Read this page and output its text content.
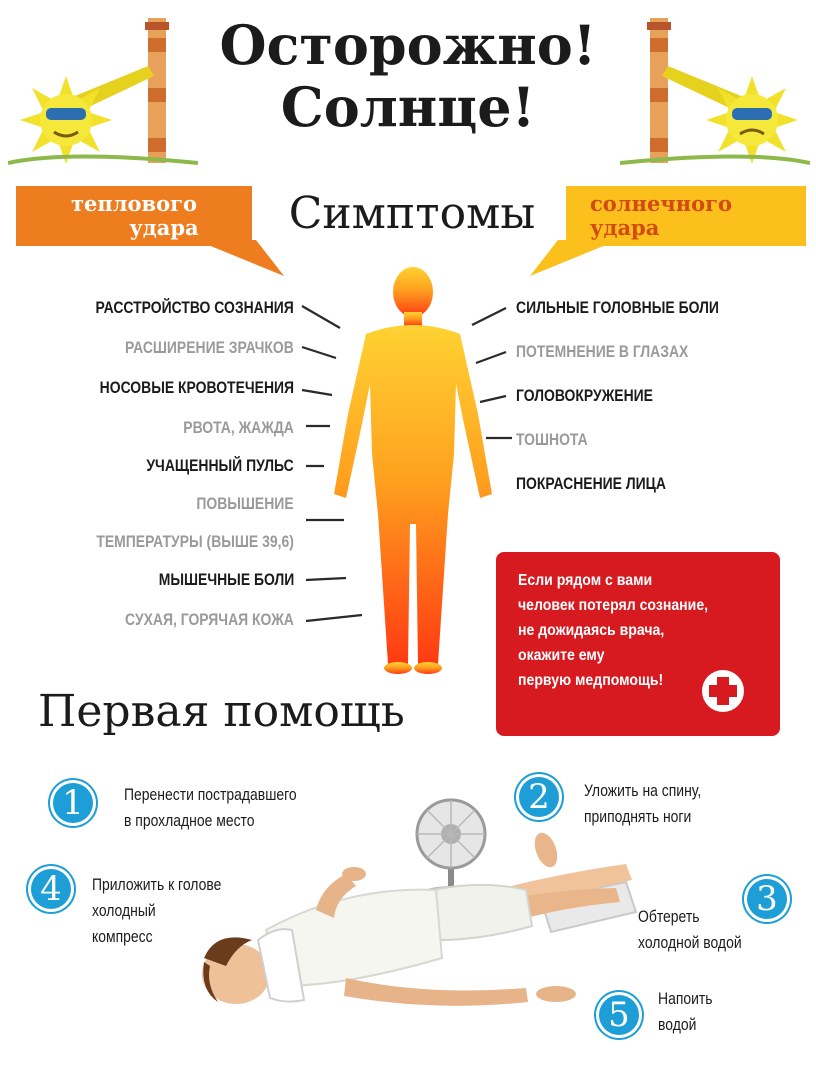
Осторожно!
Солнце!
теплового
удара
солнечного
удара
Симптомы
РАССТРОЙСТВО СОЗНАНИЯ
РАСШИРЕНИЕ ЗРАЧКОВ
НОСОВЫЕ КРОВОТЕЧЕНИЯ
РВОТА, ЖАЖДА
УЧАЩЕННЫЙ ПУЛЬС
ПОВЫШЕНИЕ
ТЕМПЕРАТУРЫ (ВЫШЕ 39,6)
МЫШЕЧНЫЕ БОЛИ
СУХАЯ, ГОРЯЧАЯ КОЖА
СИЛЬНЫЕ ГОЛОВНЫЕ БОЛИ
ПОТЕМНЕНИЕ В ГЛАЗАХ
ГОЛОВОКРУЖЕНИЕ
ТОШНОТА
ПОКРАСНЕНИЕ ЛИЦА
Если рядом с вами
человек потерял сознание,
не дожидаясь врача,
окажите ему
первую медпомощь!
Первая помощь
1	Перенести пострадавшего
в прохладное место
2	Уложить на спину,
приподнять ноги
3
Обтереть
холодной водой
4	Приложить к голове
холодный
компресс
5	Напоить
водой
